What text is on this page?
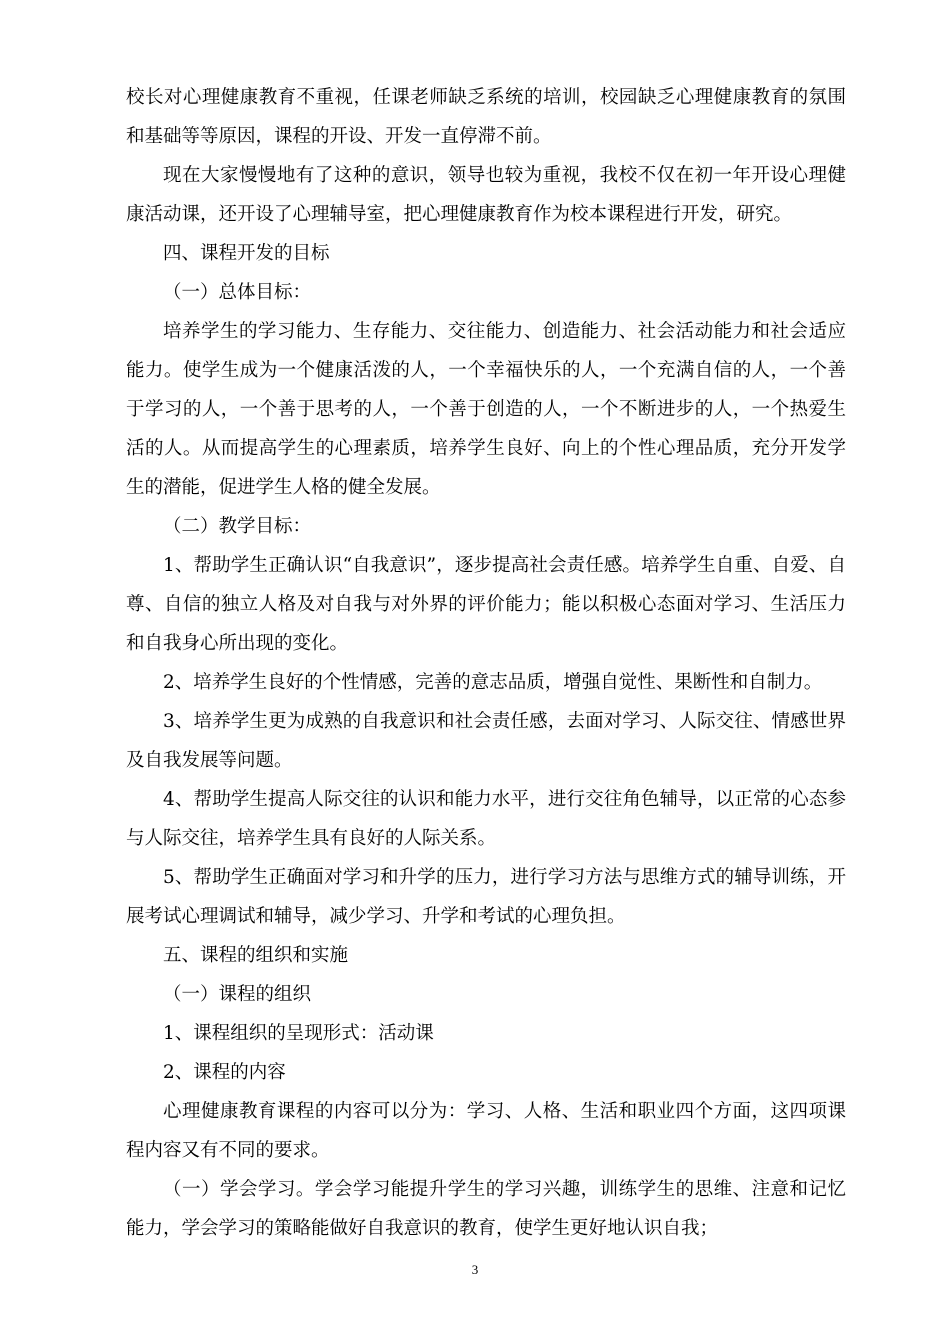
校长对心理健康教育不重视，任课老师缺乏系统的培训，校园缺乏心理健康教育的氛围和基础等等原因，课程的开设、开发一直停滞不前。

现在大家慢慢地有了这种的意识，领导也较为重视，我校不仅在初一年开设心理健康活动课，还开设了心理辅导室，把心理健康教育作为校本课程进行开发，研究。

四、课程开发的目标

（一）总体目标：

培养学生的学习能力、生存能力、交往能力、创造能力、社会活动能力和社会适应能力。使学生成为一个健康活泼的人，一个幸福快乐的人，一个充满自信的人，一个善于学习的人，一个善于思考的人，一个善于创造的人，一个不断进步的人，一个热爱生活的人。从而提高学生的心理素质，培养学生良好、向上的个性心理品质，充分开发学生的潜能，促进学生人格的健全发展。

（二）教学目标：

1、帮助学生正确认识“自我意识”，逐步提高社会责任感。培养学生自重、自爱、自尊、自信的独立人格及对自我与对外界的评价能力；能以积极心态面对学习、生活压力和自我身心所出现的变化。

2、培养学生良好的个性情感，完善的意志品质，增强自觉性、果断性和自制力。

3、培养学生更为成熟的自我意识和社会责任感，去面对学习、人际交往、情感世界及自我发展等问题。

4、帮助学生提高人际交往的认识和能力水平，进行交往角色辅导，以正常的心态参与人际交往，培养学生具有良好的人际关系。

5、帮助学生正确面对学习和升学的压力，进行学习方法与思维方式的辅导训练，开展考试心理调试和辅导，减少学习、升学和考试的心理负担。

五、课程的组织和实施

（一）课程的组织

1、课程组织的呈现形式：活动课

2、课程的内容

心理健康教育课程的内容可以分为：学习、人格、生活和职业四个方面，这四项课程内容又有不同的要求。

（一）学会学习。学会学习能提升学生的学习兴趣，训练学生的思维、注意和记忆能力，学会学习的策略能做好自我意识的教育，使学生更好地认识自我；

3
